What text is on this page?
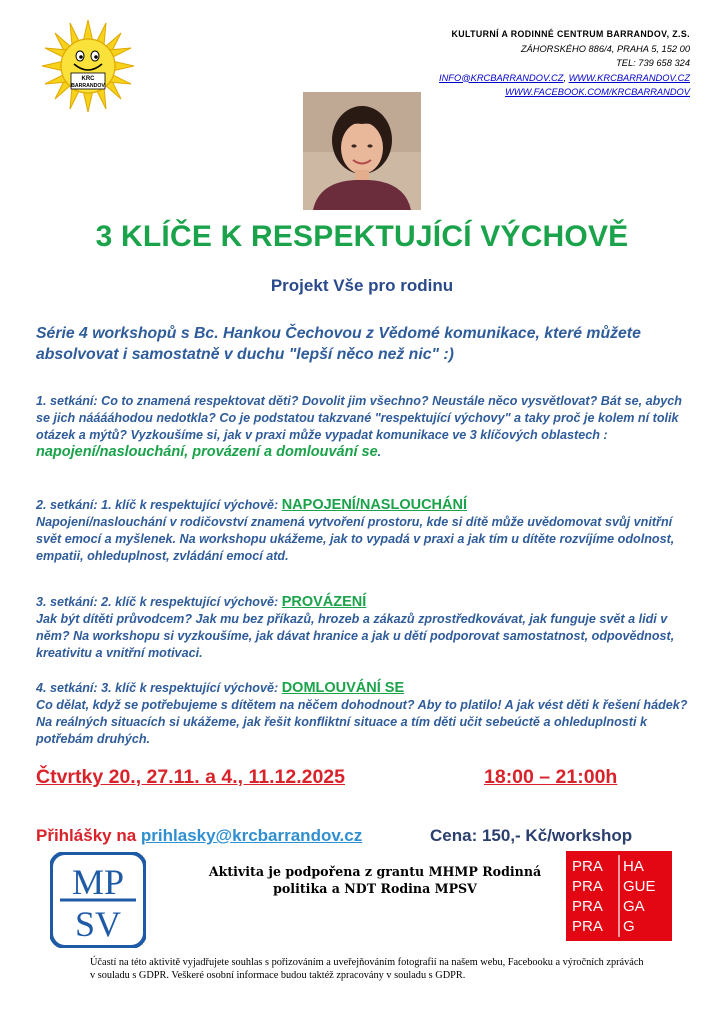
KRC
BARRANDOV
KULTURNÍ A RODINNÉ CENTRUM BARRANDOV, Z.S.
ZÁHORSKÉHO 886/4, PRAHA 5, 152 00
TEL: 739 658 324
INFO@KRCBARRANDOV.CZ, WWW.KRCBARRANDOV.CZ
WWW.FACEBOOK.COM/KRCBARRANDOV
3 KLÍČE K RESPEKTUJÍCÍ VÝCHOVĚ
Projekt Vše pro rodinu
Série 4 workshopů s Bc. Hankou Čechovou z Vědomé komunikace, které můžete absolvovat i samostatně v duchu "lepší něco než nic" :)
1. setkání: Co to znamená respektovat děti? Dovolit jim všechno? Neustále něco vysvětlovat? Bát se, abych se jich nááááhodou nedotkla? Co je podstatou takzvané "respektující výchovy" a taky proč je kolem ní tolik otázek a mýtů? Vyzkoušíme si, jak v praxi může vypadat komunikace ve 3 klíčových oblastech :
napojení/naslouchání, provázení a domlouvání se.
2. setkání: 1. klíč k respektující výchově: NAPOJENÍ/NASLOUCHÁNÍ
Napojení/naslouchání v rodičovství znamená vytvoření prostoru, kde si dítě může uvědomovat svůj vnitřní svět emocí a myšlenek. Na workshopu ukážeme, jak to vypadá v praxi a jak tím u dítěte rozvíjíme odolnost, empatii, ohleduplnost, zvládání emocí atd.
3. setkání: 2. klíč k respektující výchově: PROVÁZENÍ
Jak být dítěti průvodcem? Jak mu bez příkazů, hrozeb a zákazů zprostředkovávat, jak funguje svět a lidi v něm? Na workshopu si vyzkoušíme, jak dávat hranice a jak u dětí podporovat samostatnost, odpovědnost, kreativitu a vnitřní motivaci.
4. setkání: 3. klíč k respektující výchově: DOMLOUVÁNÍ SE
Co dělat, když se potřebujeme s dítětem na něčem dohodnout? Aby to platilo! A jak vést děti k řešení hádek? Na reálných situacích si ukážeme, jak řešit konfliktní situace a tím děti učit sebeúctě a ohleduplnosti k potřebám druhých.
Čtvrtky 20., 27.11. a 4., 11.12.2025	18:00 – 21:00h
Přihlášky na prihlasky@krcbarrandov.cz	Cena: 150,- Kč/workshop
MP
SV
Aktivita je podpořena z grantu MHMP Rodinná politika a NDT Rodina MPSV
PRA
PRA
PRA
PRA
HA
GUE
GA
G
Účastí na této aktivitě vyjadřujete souhlas s pořizováním a uveřejňováním fotografií na našem webu, Facebooku a výročních zprávách v souladu s GDPR. Veškeré osobní informace budou taktéž zpracovány v souladu s GDPR.
